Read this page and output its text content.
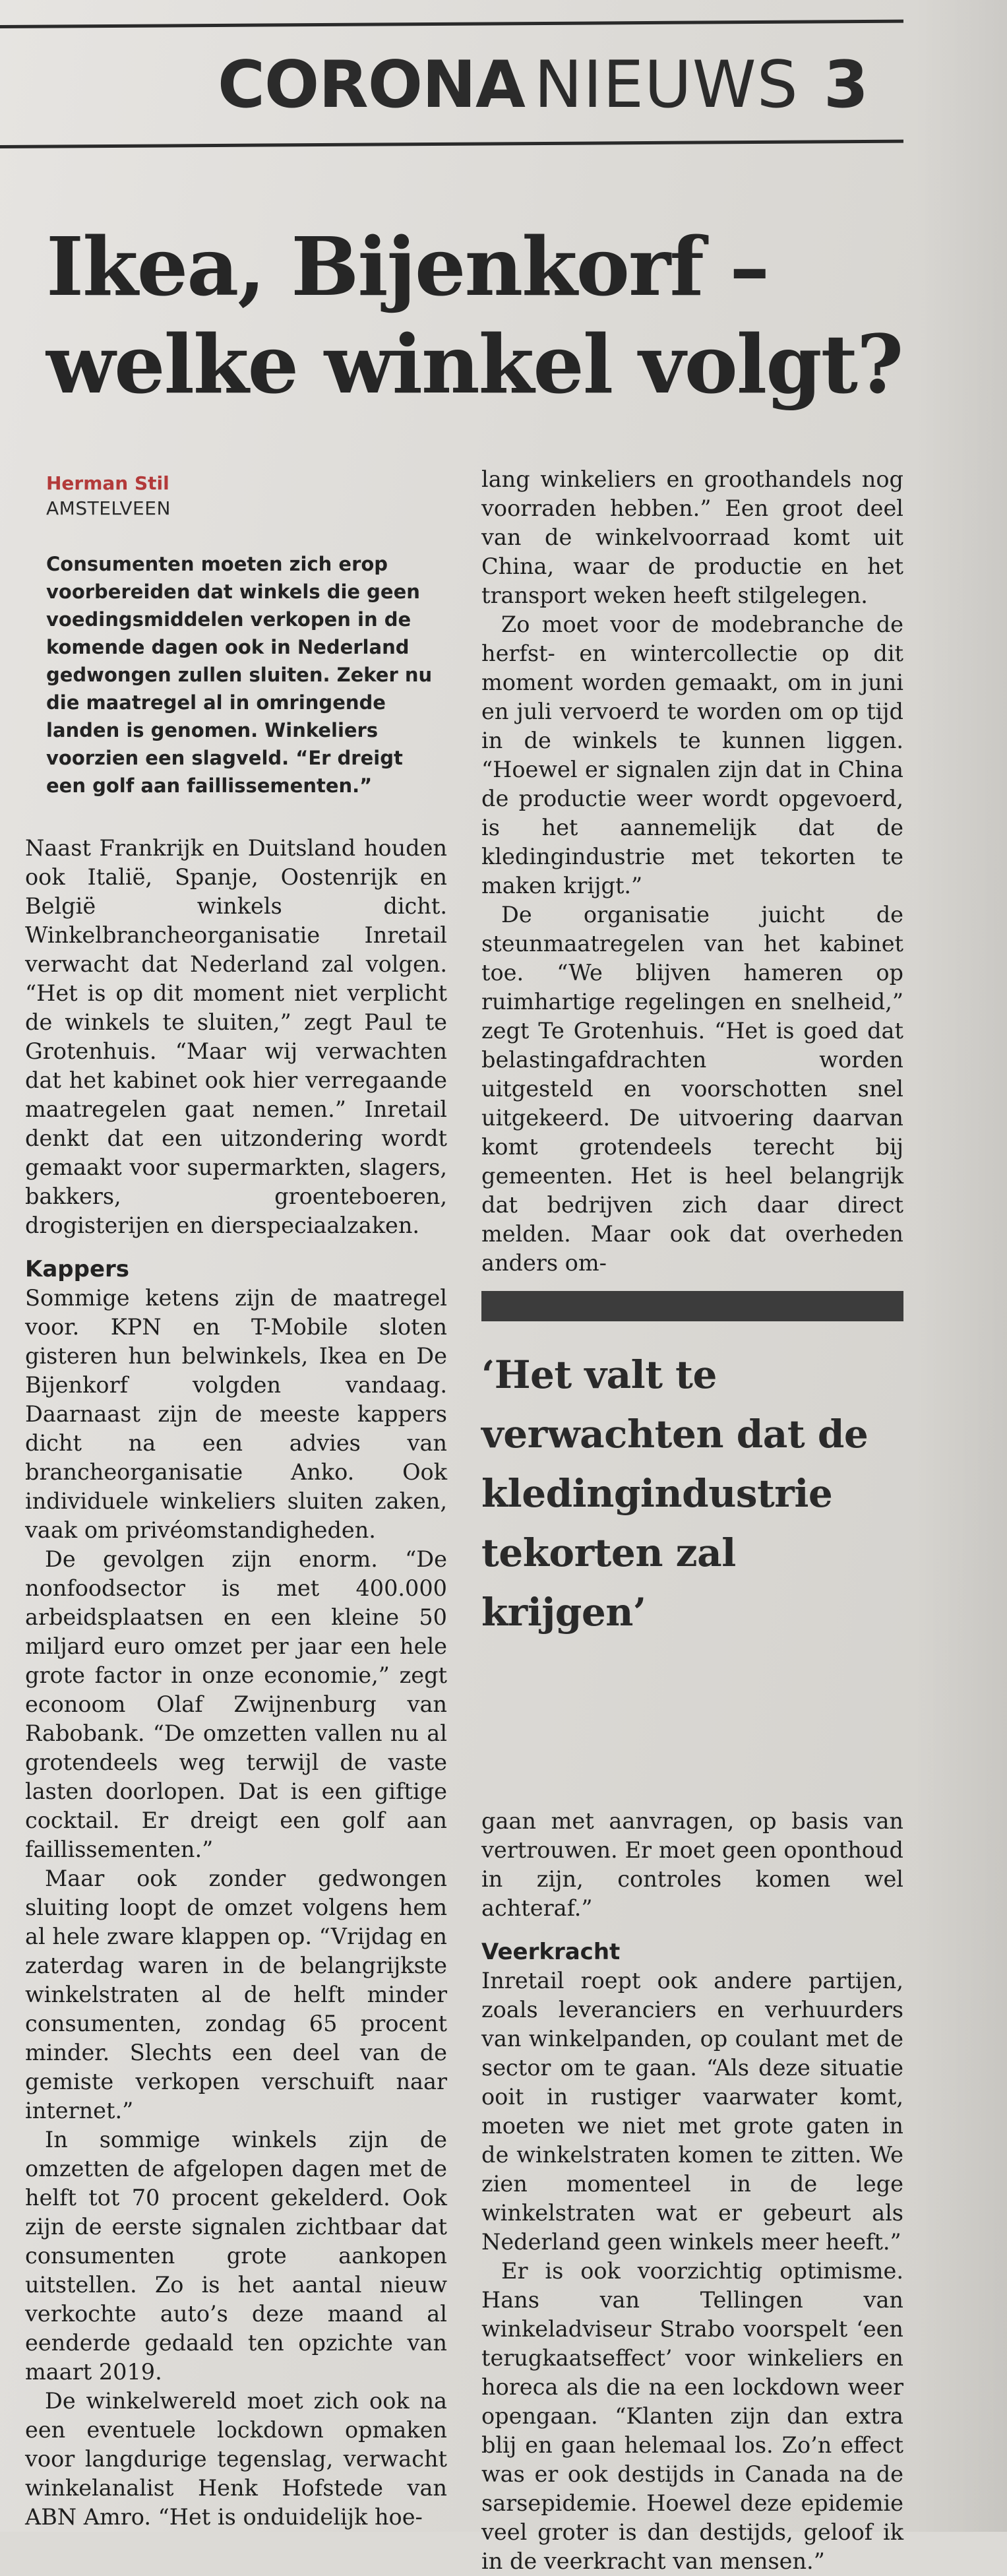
CORONA NIEUWS 3
Ikea, Bijenkorf –
welke winkel volgt?
Herman Stil
AMSTELVEEN
Consumenten moeten zich erop voorbereiden dat winkels die geen voedingsmiddelen verkopen in de komende dagen ook in Nederland gedwongen zullen sluiten. Zeker nu die maatregel al in omringende landen is genomen. Winkeliers voorzien een slagveld. “Er dreigt een golf aan faillissementen.”

Naast Frankrijk en Duitsland houden ook Italië, Spanje, Oostenrijk en België winkels dicht. Winkelbrancheorganisatie Inretail verwacht dat Nederland zal volgen. “Het is op dit moment niet verplicht de winkels te sluiten,” zegt Paul te Grotenhuis. “Maar wij verwachten dat het kabinet ook hier verregaande maatregelen gaat nemen.” Inretail denkt dat een uitzondering wordt gemaakt voor supermarkten, slagers, bakkers, groenteboeren, drogisterijen en dierspeciaalzaken.

Kappers

Sommige ketens zijn de maatregel voor. KPN en T-Mobile sloten gisteren hun belwinkels, Ikea en De Bijenkorf volgden vandaag. Daarnaast zijn de meeste kappers dicht na een advies van brancheorganisatie Anko. Ook individuele winkeliers sluiten zaken, vaak om privéomstandigheden.

De gevolgen zijn enorm. “De nonfoodsector is met 400.000 arbeidsplaatsen en een kleine 50 miljard euro omzet per jaar een hele grote factor in onze economie,” zegt econoom Olaf Zwijnenburg van Rabobank. “De omzetten vallen nu al grotendeels weg terwijl de vaste lasten doorlopen. Dat is een giftige cocktail. Er dreigt een golf aan faillissementen.”

Maar ook zonder gedwongen sluiting loopt de omzet volgens hem al hele zware klappen op. “Vrijdag en zaterdag waren in de belangrijkste winkelstraten al de helft minder consumenten, zondag 65 procent minder. Slechts een deel van de gemiste verkopen verschuift naar internet.”

In sommige winkels zijn de omzetten de afgelopen dagen met de helft tot 70 procent gekelderd. Ook zijn de eerste signalen zichtbaar dat consumenten grote aankopen uitstellen. Zo is het aantal nieuw verkochte auto’s deze maand al eenderde gedaald ten opzichte van maart 2019.

De winkelwereld moet zich ook na een eventuele lockdown opmaken voor langdurige tegenslag, verwacht winkelanalist Henk Hofstede van ABN Amro. “Het is onduidelijk hoe-

lang winkeliers en groothandels nog voorraden hebben.” Een groot deel van de winkelvoorraad komt uit China, waar de productie en het transport weken heeft stilgelegen.

Zo moet voor de modebranche de herfst- en wintercollectie op dit moment worden gemaakt, om in juni en juli vervoerd te worden om op tijd in de winkels te kunnen liggen. “Hoewel er signalen zijn dat in China de productie weer wordt opgevoerd, is het aannemelijk dat de kledingindustrie met tekorten te maken krijgt.”

De organisatie juicht de steunmaatregelen van het kabinet toe. “We blijven hameren op ruimhartige regelingen en snelheid,” zegt Te Grotenhuis. “Het is goed dat belastingafdrachten worden uitgesteld en voorschotten snel uitgekeerd. De uitvoering daarvan komt grotendeels terecht bij gemeenten. Het is heel belangrijk dat bedrijven zich daar direct melden. Maar ook dat overheden anders om-

‘Het valt te verwachten dat de kledingindustrie tekorten zal krijgen’

gaan met aanvragen, op basis van vertrouwen. Er moet geen oponthoud in zijn, controles komen wel achteraf.”

Veerkracht

Inretail roept ook andere partijen, zoals leveranciers en verhuurders van winkelpanden, op coulant met de sector om te gaan. “Als deze situatie ooit in rustiger vaarwater komt, moeten we niet met grote gaten in de winkelstraten komen te zitten. We zien momenteel in de lege winkelstraten wat er gebeurt als Nederland geen winkels meer heeft.”

Er is ook voorzichtig optimisme. Hans van Tellingen van winkeladviseur Strabo voorspelt ‘een terugkaatseffect’ voor winkeliers en horeca als die na een lockdown weer opengaan. “Klanten zijn dan extra blij en gaan helemaal los. Zo’n effect was er ook destijds in Canada na de sarsepidemie. Hoewel deze epidemie veel groter is dan destijds, geloof ik in de veerkracht van mensen.”
